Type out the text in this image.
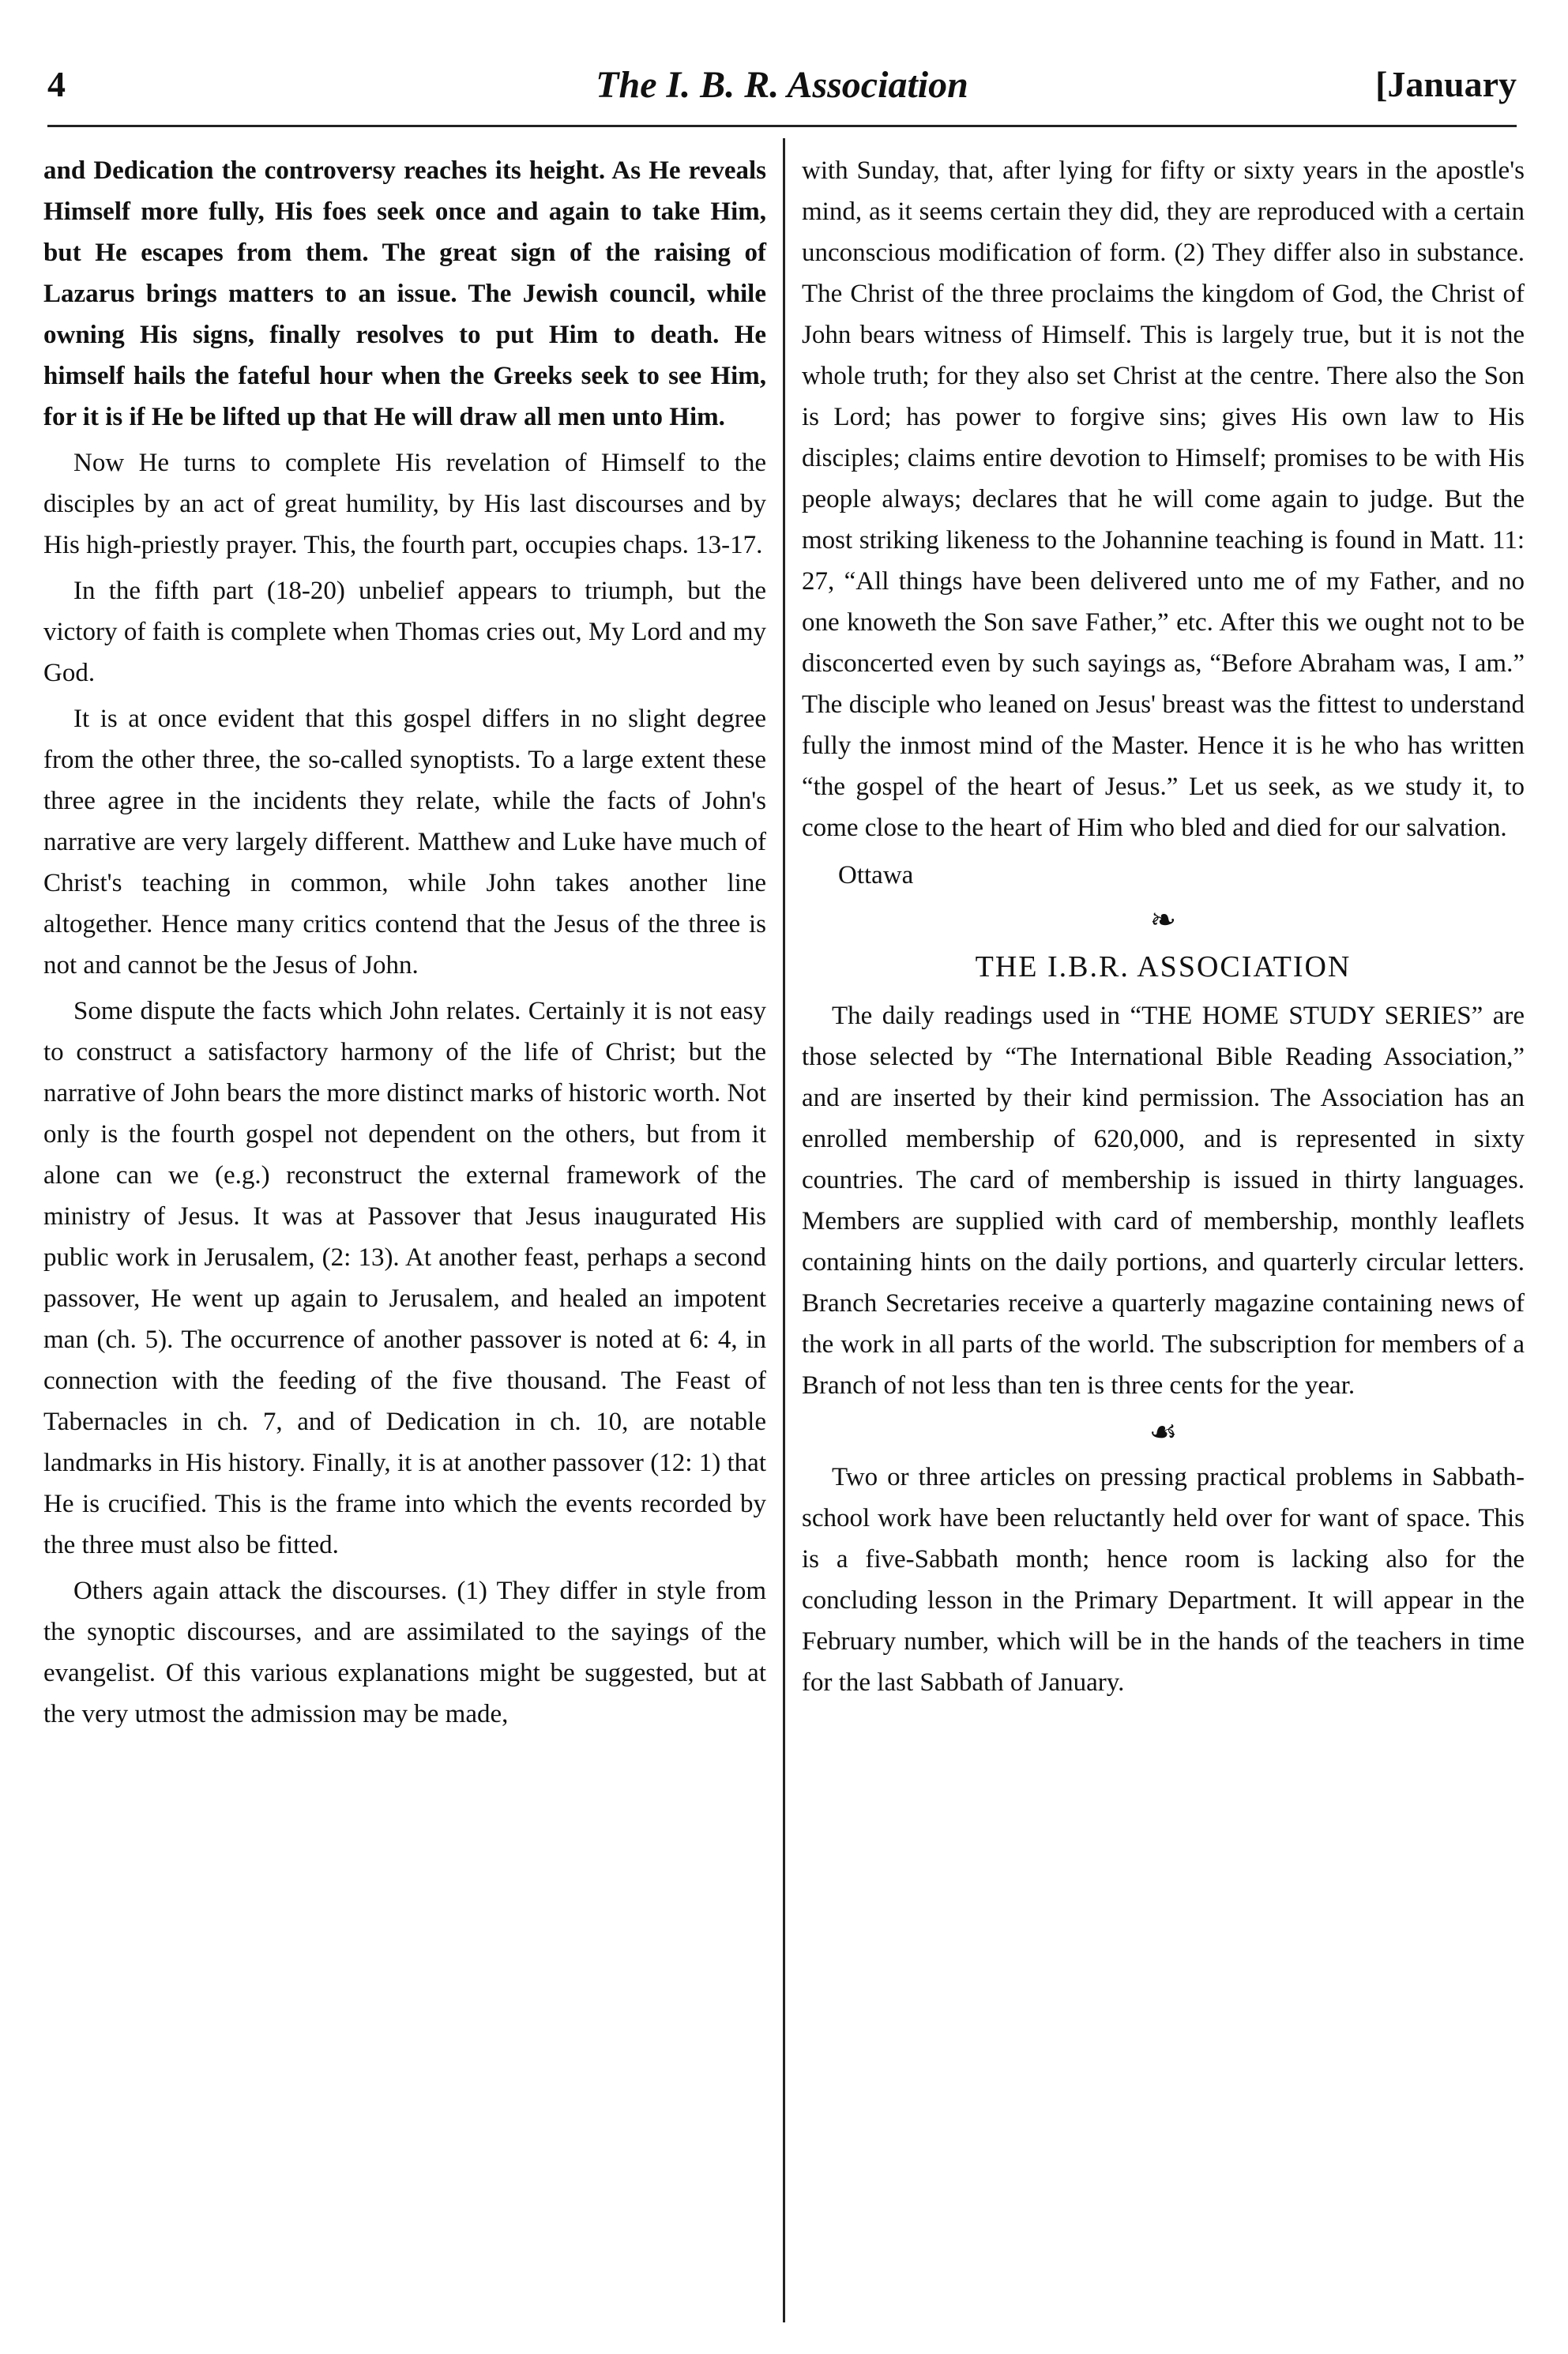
4	The I. B. R. Association	[January

and Dedication the controversy reaches its height. As He reveals Himself more fully, His foes seek once and again to take Him, but He escapes from them. The great sign of the raising of Lazarus brings matters to an issue. The Jewish council, while owning His signs, finally resolves to put Him to death. He himself hails the fateful hour when the Greeks seek to see Him, for it is if He be lifted up that He will draw all men unto Him.

Now He turns to complete His revelation of Himself to the disciples by an act of great humility, by His last discourses and by His high-priestly prayer. This, the fourth part, occupies chaps. 13-17.

In the fifth part (18-20) unbelief appears to triumph, but the victory of faith is complete when Thomas cries out, My Lord and my God.

It is at once evident that this gospel differs in no slight degree from the other three, the so-called synoptists. To a large extent these three agree in the incidents they relate, while the facts of John's narrative are very largely different. Matthew and Luke have much of Christ's teaching in common, while John takes another line altogether. Hence many critics contend that the Jesus of the three is not and cannot be the Jesus of John.

Some dispute the facts which John relates. Certainly it is not easy to construct a satisfactory harmony of the life of Christ; but the narrative of John bears the more distinct marks of historic worth. Not only is the fourth gospel not dependent on the others, but from it alone can we (e.g.) reconstruct the external framework of the ministry of Jesus. It was at Passover that Jesus inaugurated His public work in Jerusalem, (2: 13). At another feast, perhaps a second passover, He went up again to Jerusalem, and healed an impotent man (ch. 5). The occurrence of another passover is noted at 6: 4, in connection with the feeding of the five thousand. The Feast of Tabernacles in ch. 7, and of Dedication in ch. 10, are notable landmarks in His history. Finally, it is at another passover (12: 1) that He is crucified. This is the frame into which the events recorded by the three must also be fitted.

Others again attack the discourses. (1) They differ in style from the synoptic discourses, and are assimilated to the sayings of the evangelist. Of this various explanations might be suggested, but at the very utmost the admission may be made,

with Sunday, that, after lying for fifty or sixty years in the apostle's mind, as it seems certain they did, they are reproduced with a certain unconscious modification of form. (2) They differ also in substance. The Christ of the three proclaims the kingdom of God, the Christ of John bears witness of Himself. This is largely true, but it is not the whole truth; for they also set Christ at the centre. There also the Son is Lord; has power to forgive sins; gives His own law to His disciples; claims entire devotion to Himself; promises to be with His people always; declares that he will come again to judge. But the most striking likeness to the Johannine teaching is found in Matt. 11: 27, “All things have been delivered unto me of my Father, and no one knoweth the Son save Father,” etc. After this we ought not to be disconcerted even by such sayings as, “Before Abraham was, I am.” The disciple who leaned on Jesus' breast was the fittest to understand fully the inmost mind of the Master. Hence it is he who has written “the gospel of the heart of Jesus.” Let us seek, as we study it, to come close to the heart of Him who bled and died for our salvation.

Ottawa
❧
THE I.B.R. ASSOCIATION

The daily readings used in “THE HOME STUDY SERIES” are those selected by “The International Bible Reading Association,” and are inserted by their kind permission. The Association has an enrolled membership of 620,000, and is represented in sixty countries. The card of membership is issued in thirty languages. Members are supplied with card of membership, monthly leaflets containing hints on the daily portions, and quarterly circular letters. Branch Secretaries receive a quarterly magazine containing news of the work in all parts of the world. The subscription for members of a Branch of not less than ten is three cents for the year.

☙

Two or three articles on pressing practical problems in Sabbath-school work have been reluctantly held over for want of space. This is a five-Sabbath month; hence room is lacking also for the concluding lesson in the Primary Department. It will appear in the February number, which will be in the hands of the teachers in time for the last Sabbath of January.
